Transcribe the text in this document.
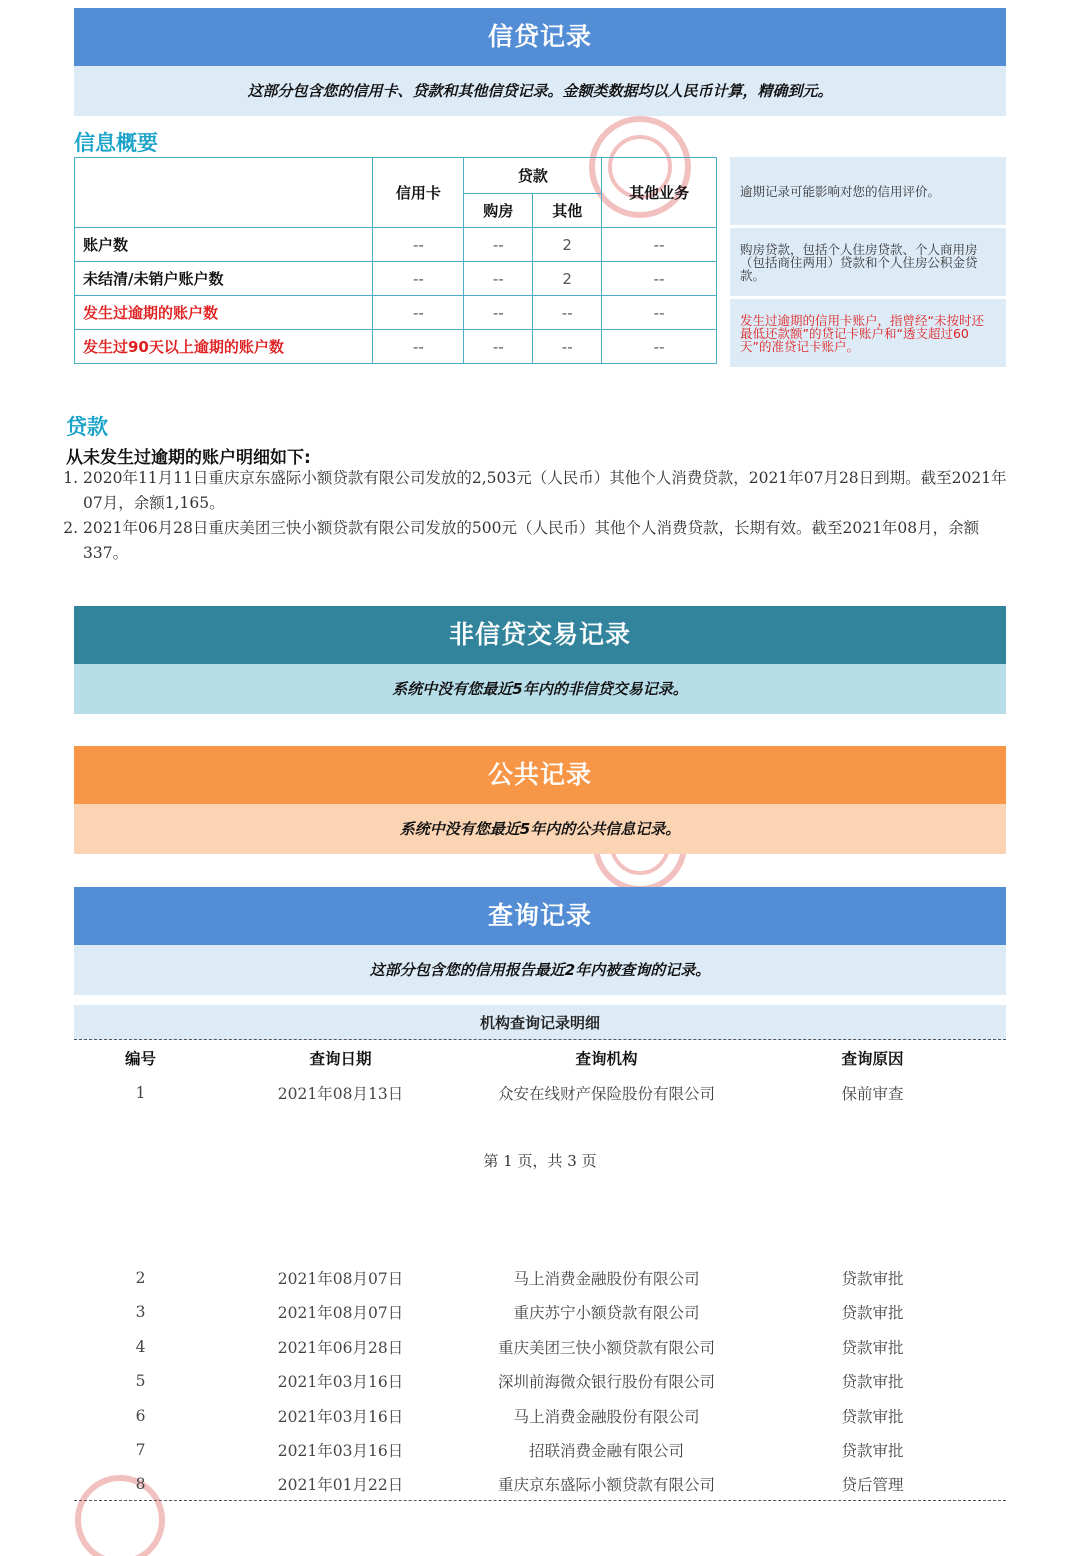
信贷记录
这部分包含您的信用卡、贷款和其他信贷记录。金额类数据均以人民币计算，精确到元。
信息概要
	信用卡	贷款		其他业务
		购房	其他	
账户数	--	--	2	--
未结清/未销户账户数	--	--	2	--
发生过逾期的账户数	--	--	--	--
发生过90天以上逾期的账户数	--	--	--	--
逾期记录可能影响对您的信用评价。
购房贷款，包括个人住房贷款、个人商用房（包括商住两用）贷款和个人住房公积金贷款。
发生过逾期的信用卡账户，指曾经“未按时还最低还款额”的贷记卡账户和“透支超过60天”的准贷记卡账户。
贷款
从未发生过逾期的账户明细如下:
1. 2020年11月11日重庆京东盛际小额贷款有限公司发放的2,503元（人民币）其他个人消费贷款，2021年07月28日到期。截至2021年07月，余额1,165。
2. 2021年06月28日重庆美团三快小额贷款有限公司发放的500元（人民币）其他个人消费贷款，长期有效。截至2021年08月，余额337。
非信贷交易记录
系统中没有您最近5年内的非信贷交易记录。
公共记录
系统中没有您最近5年内的公共信息记录。
查询记录
这部分包含您的信用报告最近2年内被查询的记录。
机构查询记录明细
编号	查询日期	查询机构	查询原因
1	2021年08月13日	众安在线财产保险股份有限公司	保前审查
第 1 页，共 3 页
2	2021年08月07日	马上消费金融股份有限公司	贷款审批
3	2021年08月07日	重庆苏宁小额贷款有限公司	贷款审批
4	2021年06月28日	重庆美团三快小额贷款有限公司	贷款审批
5	2021年03月16日	深圳前海微众银行股份有限公司	贷款审批
6	2021年03月16日	马上消费金融股份有限公司	贷款审批
7	2021年03月16日	招联消费金融有限公司	贷款审批
8	2021年01月22日	重庆京东盛际小额贷款有限公司	贷后管理
